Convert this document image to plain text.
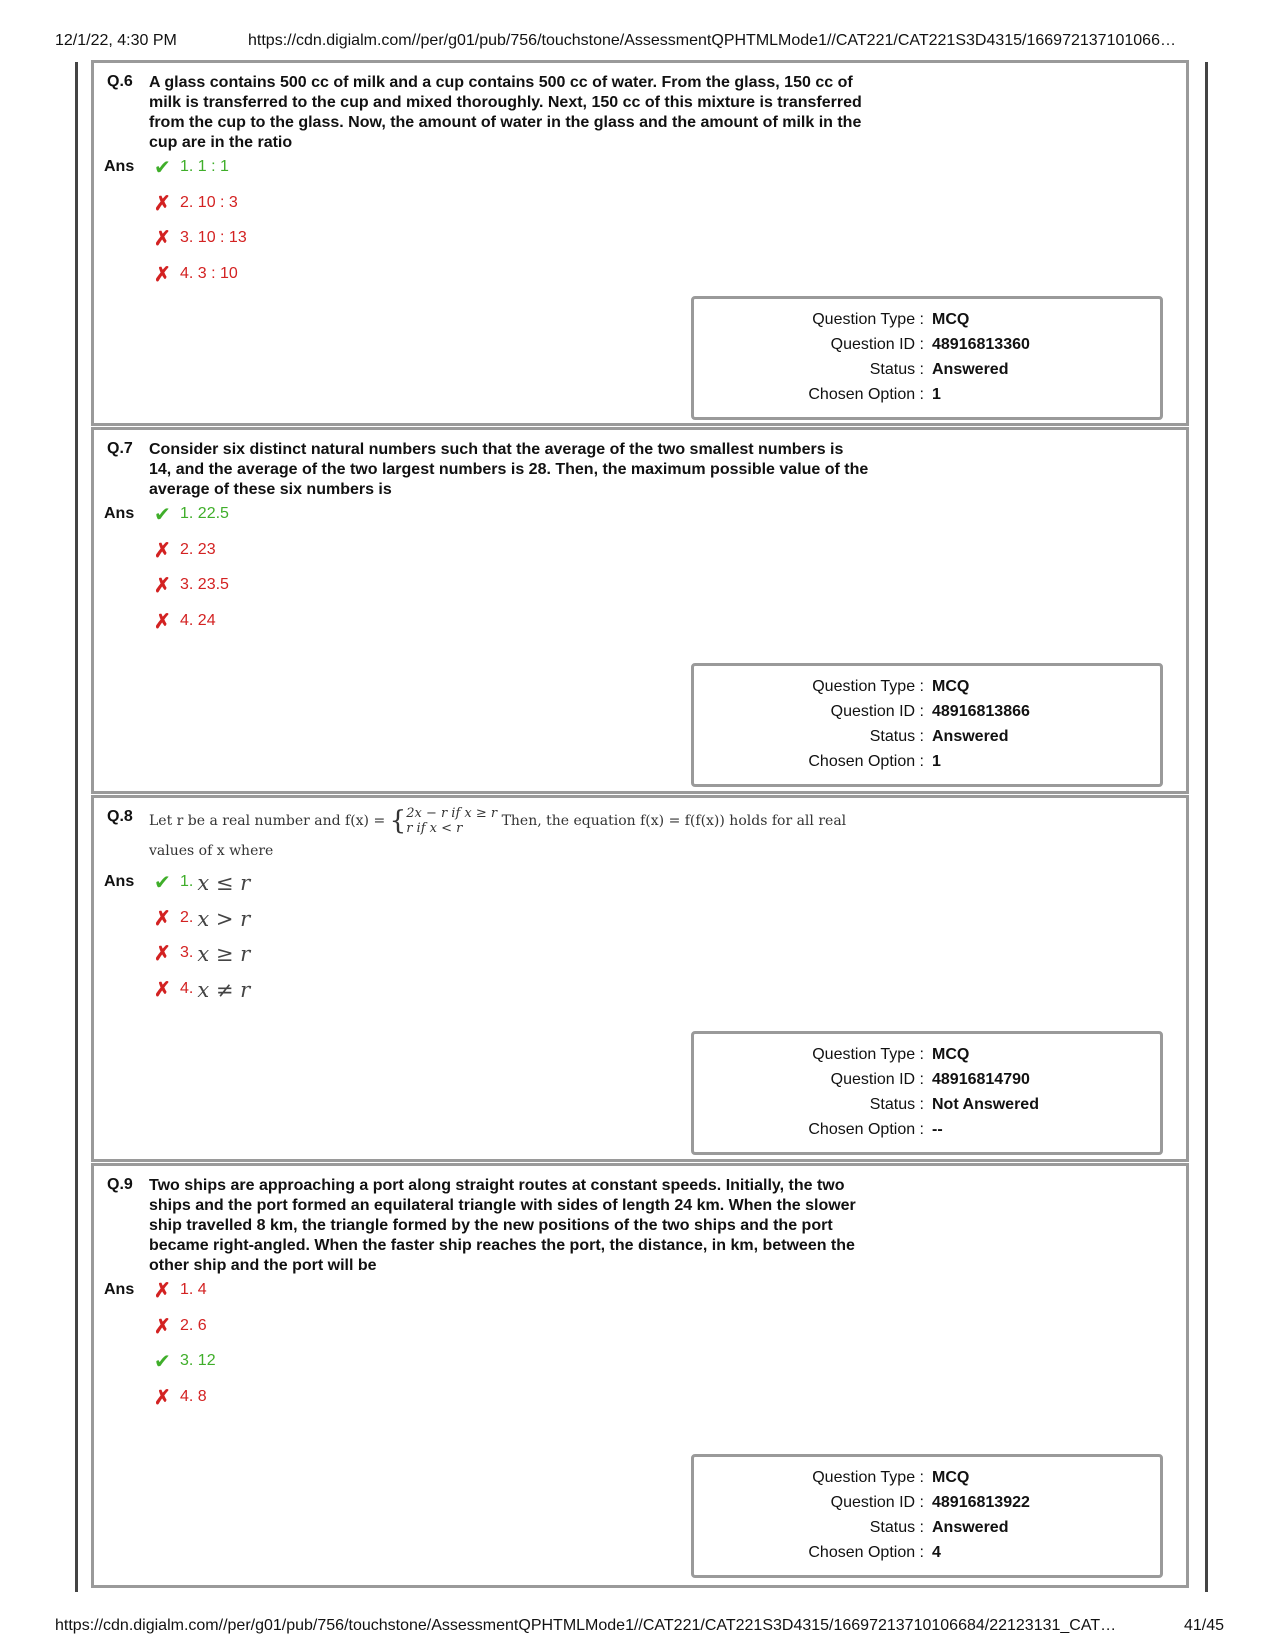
12/1/22, 4:30 PM	https://cdn.digialm.com//per/g01/pub/756/touchstone/AssessmentQPHTMLMode1//CAT221/CAT221S3D4315/166972137101066…
Q.6 A glass contains 500 cc of milk and a cup contains 500 cc of water. From the glass, 150 cc of milk is transferred to the cup and mixed thoroughly. Next, 150 cc of this mixture is transferred from the cup to the glass. Now, the amount of water in the glass and the amount of milk in the cup are in the ratio
Ans ✔ 1. 1 : 1
✗ 2. 10 : 3
✗ 3. 10 : 13
✗ 4. 3 : 10
Question Type : MCQ
Question ID : 48916813360
Status : Answered
Chosen Option : 1
Q.7 Consider six distinct natural numbers such that the average of the two smallest numbers is 14, and the average of the two largest numbers is 28. Then, the maximum possible value of the average of these six numbers is
Ans ✔ 1. 22.5
✗ 2. 23
✗ 3. 23.5
✗ 4. 24
Question Type : MCQ
Question ID : 48916813866
Status : Answered
Chosen Option : 1
Q.8 Let r be a real number and f(x) = {2x − r if x ≥ r
r if x < r	Then, the equation f(x) = f(f(x)) holds for all real
values of x where
Ans ✔ 1. x ≤ r
✗ 2. x > r
✗ 3. x ≥ r
✗ 4. x ≠ r
Question Type : MCQ
Question ID : 48916814790
Status : Not Answered
Chosen Option : --
Q.9 Two ships are approaching a port along straight routes at constant speeds. Initially, the two ships and the port formed an equilateral triangle with sides of length 24 km. When the slower ship travelled 8 km, the triangle formed by the new positions of the two ships and the port became right-angled. When the faster ship reaches the port, the distance, in km, between the other ship and the port will be
Ans ✗ 1. 4
✗ 2. 6
✔ 3. 12
✗ 4. 8
Question Type : MCQ
Question ID : 48916813922
Status : Answered
Chosen Option : 4
https://cdn.digialm.com//per/g01/pub/756/touchstone/AssessmentQPHTMLMode1//CAT221/CAT221S3D4315/16697213710106684/22123131_CAT…	41/45
